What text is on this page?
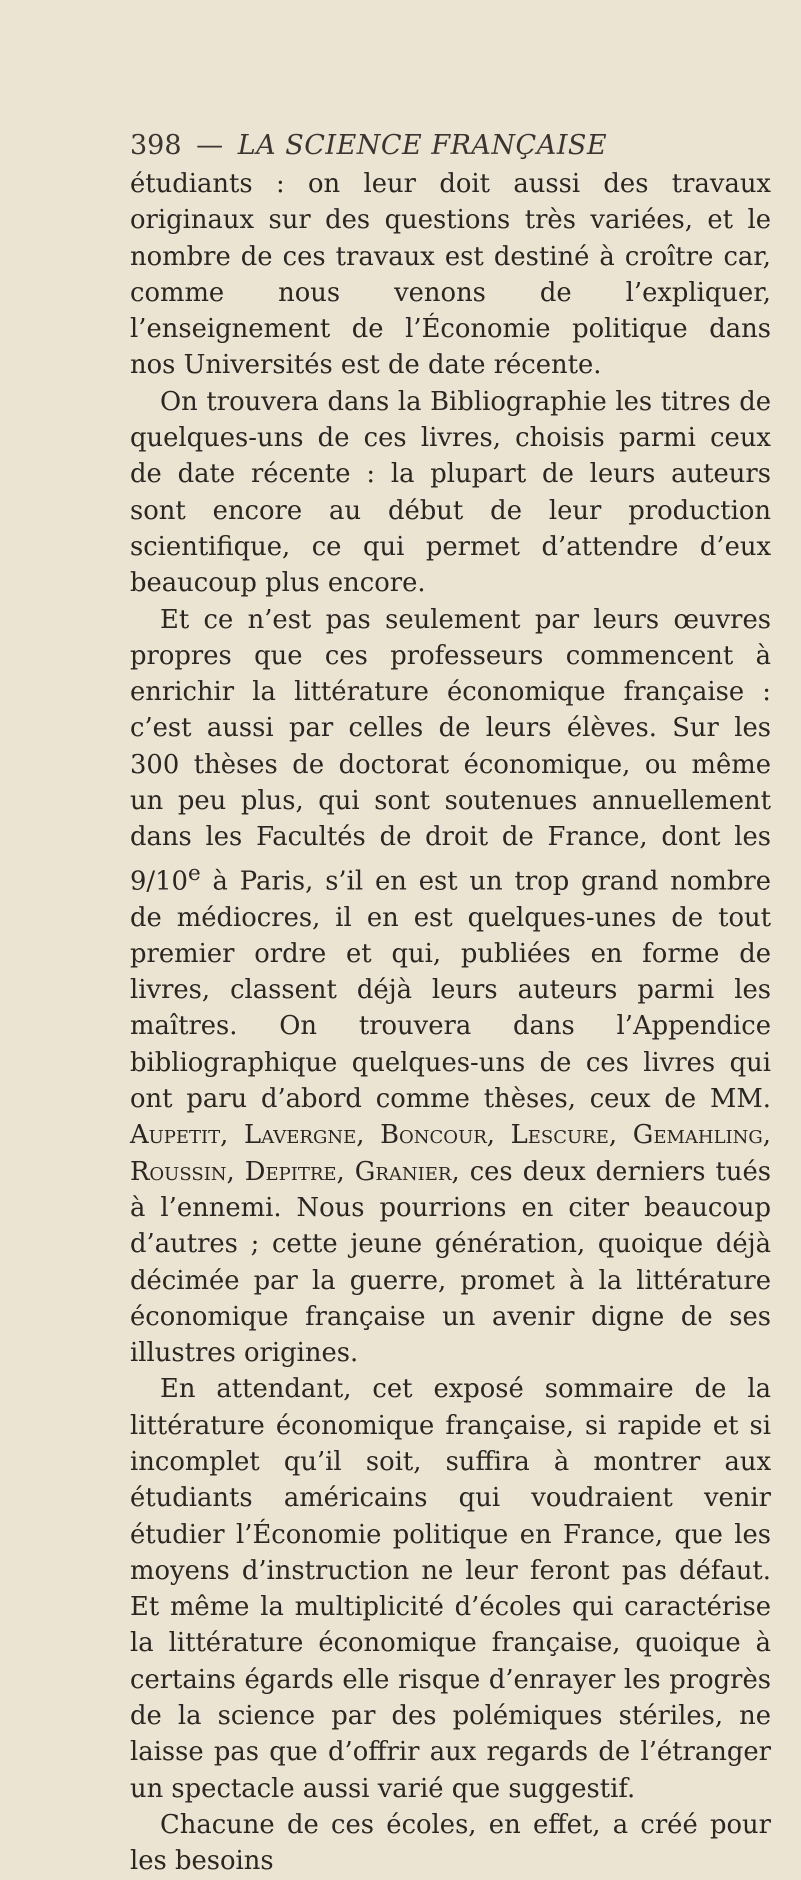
398 — LA SCIENCE FRANÇAISE

étudiants : on leur doit aussi des travaux originaux sur des questions très variées, et le nombre de ces travaux est destiné à croître car, comme nous venons de l’expliquer, l’enseignement de l’Économie politique dans nos Universités est de date récente.

On trouvera dans la Bibliographie les titres de quelques-uns de ces livres, choisis parmi ceux de date récente : la plupart de leurs auteurs sont encore au début de leur production scientifique, ce qui permet d’attendre d’eux beaucoup plus encore.

Et ce n’est pas seulement par leurs œuvres propres que ces professeurs commencent à enrichir la littérature économique française : c’est aussi par celles de leurs élèves. Sur les 300 thèses de doctorat économique, ou même un peu plus, qui sont soutenues annuellement dans les Facultés de droit de France, dont les 9/10e à Paris, s’il en est un trop grand nombre de médiocres, il en est quelques-unes de tout premier ordre et qui, publiées en forme de livres, classent déjà leurs auteurs parmi les maîtres. On trouvera dans l’Appendice bibliographique quelques-uns de ces livres qui ont paru d’abord comme thèses, ceux de MM. Aupetit, Lavergne, Boncour, Lescure, Gemahling, Roussin, Depitre, Granier, ces deux derniers tués à l’ennemi. Nous pourrions en citer beaucoup d’autres ; cette jeune génération, quoique déjà décimée par la guerre, promet à la littérature économique française un avenir digne de ses illustres origines.

En attendant, cet exposé sommaire de la littérature économique française, si rapide et si incomplet qu’il soit, suffira à montrer aux étudiants américains qui voudraient venir étudier l’Économie politique en France, que les moyens d’instruction ne leur feront pas défaut. Et même la multiplicité d’écoles qui caractérise la littérature économique française, quoique à certains égards elle risque d’enrayer les progrès de la science par des polémiques stériles, ne laisse pas que d’offrir aux regards de l’étranger un spectacle aussi varié que suggestif.

Chacune de ces écoles, en effet, a créé pour les besoins
